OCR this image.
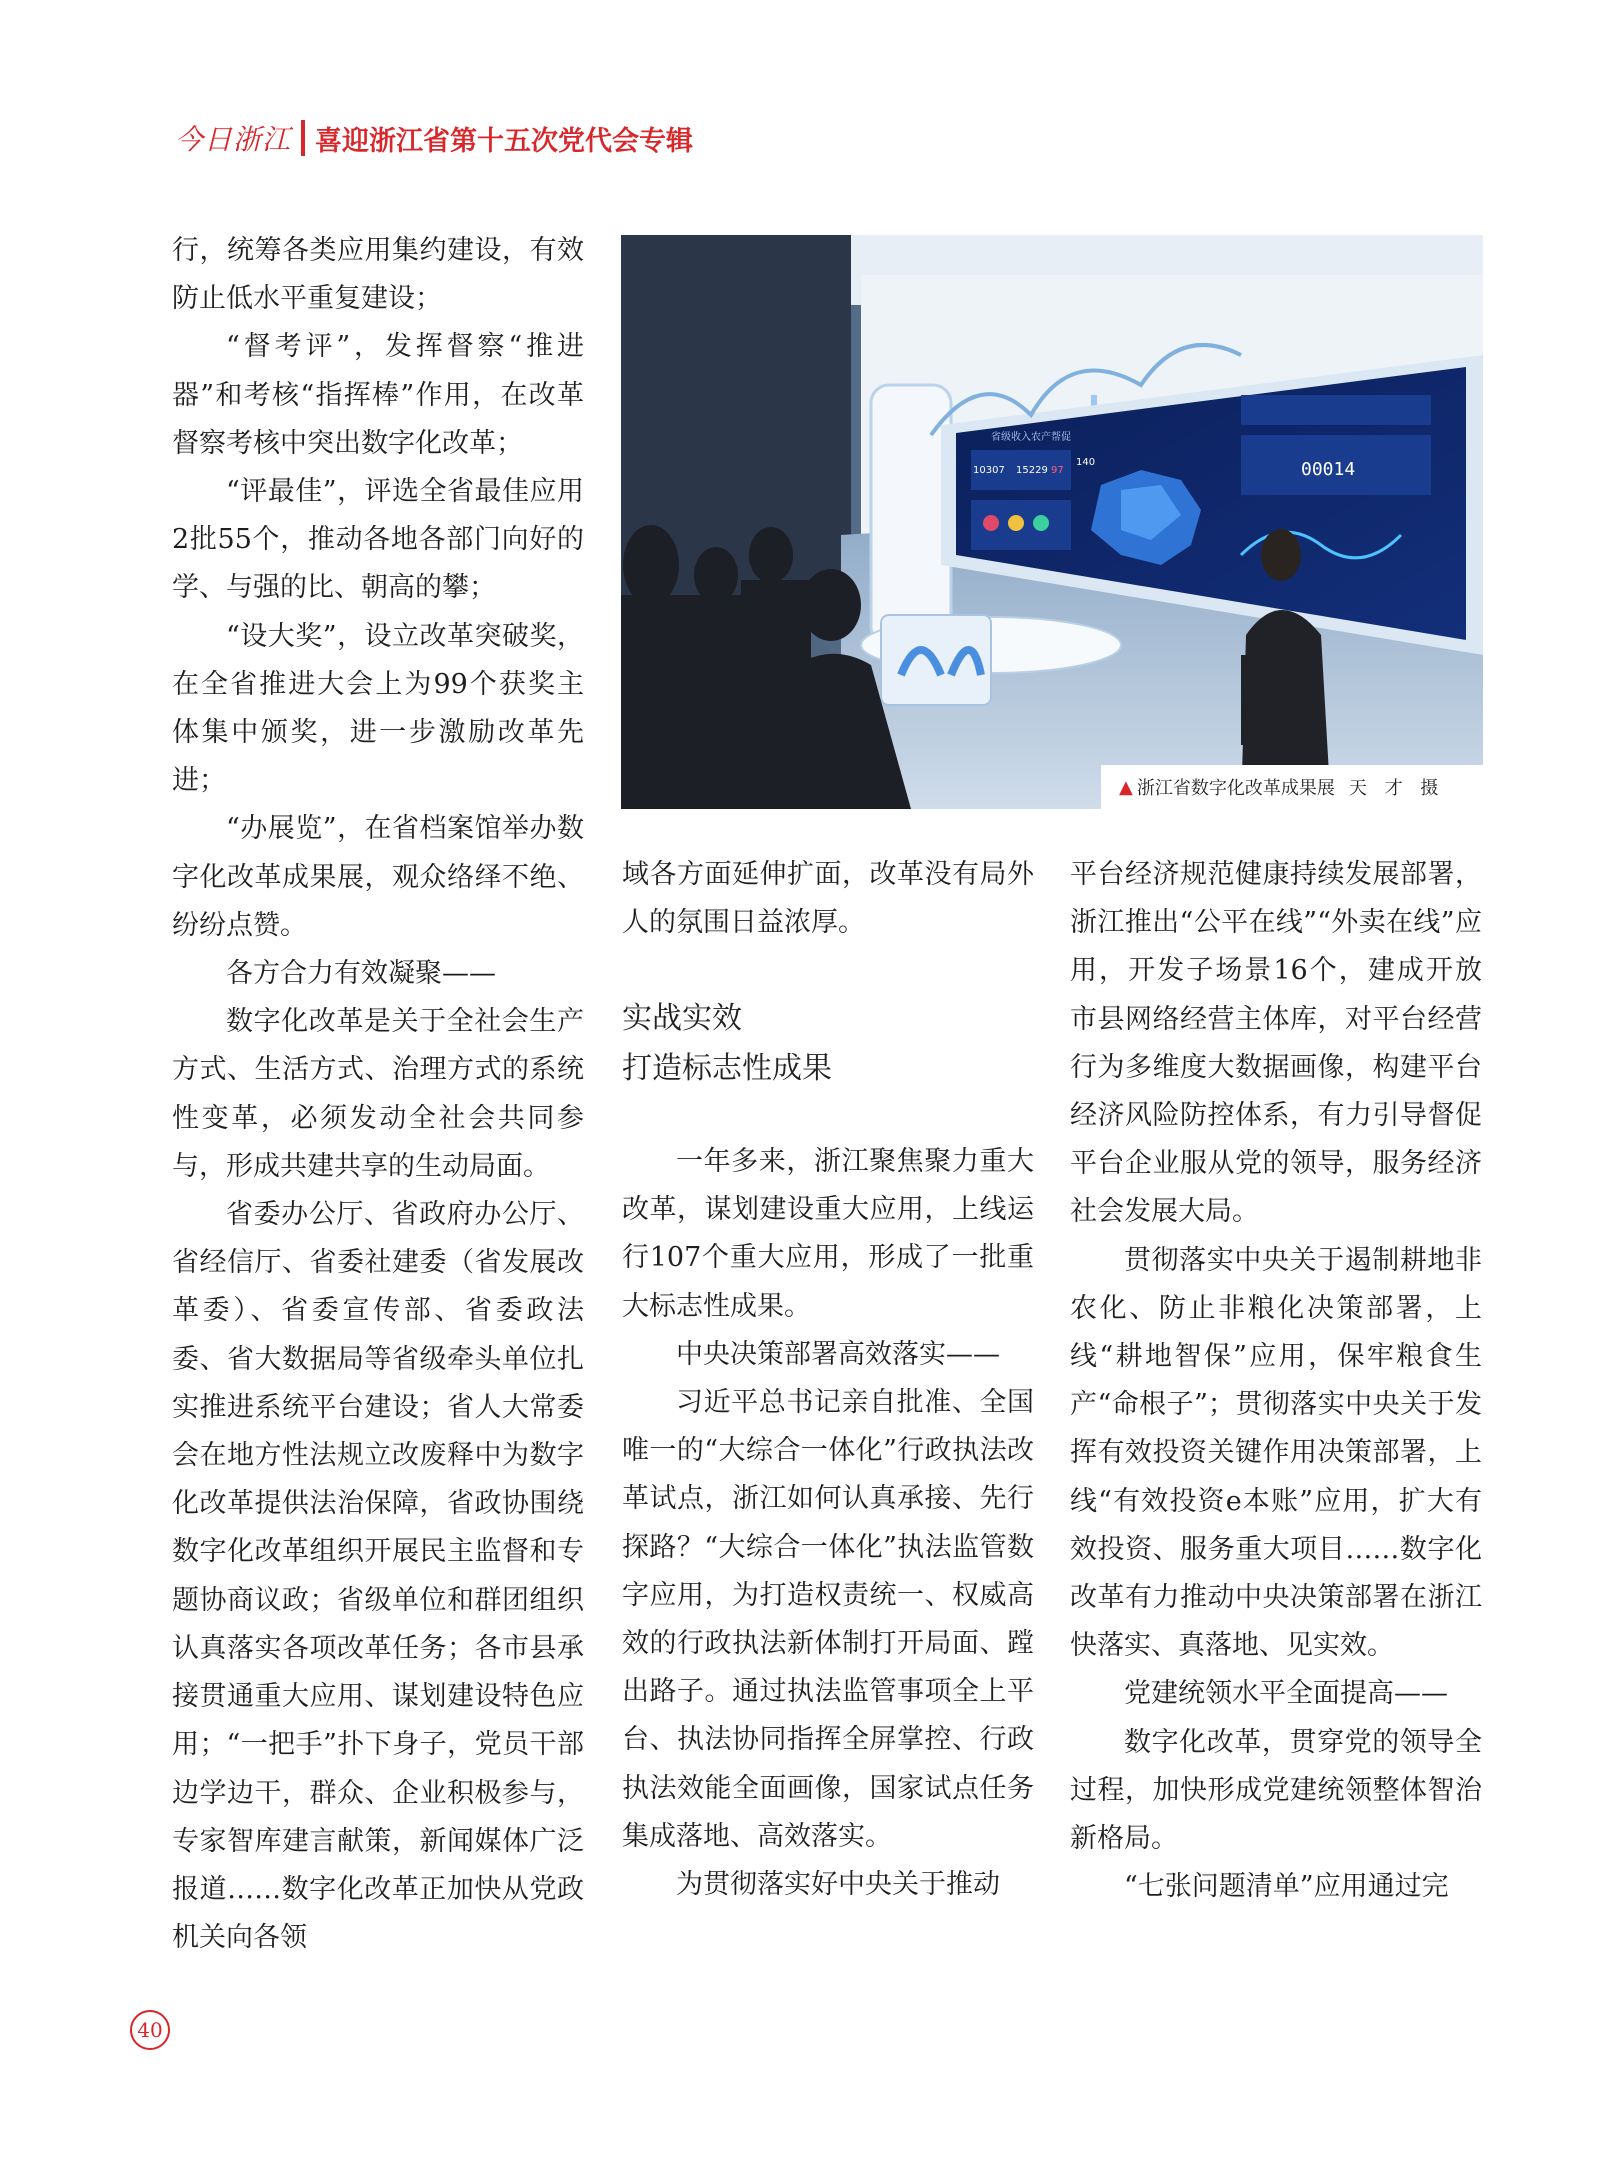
今日浙江 喜迎浙江省第十五次党代会专辑

行，统筹各类应用集约建设，有效防止低水平重复建设；

“督考评”，发挥督察“推进器”和考核“指挥棒”作用，在改革督察考核中突出数字化改革；

“评最佳”，评选全省最佳应用2批55个，推动各地各部门向好的学、与强的比、朝高的攀；

“设大奖”，设立改革突破奖，在全省推进大会上为99个获奖主体集中颁奖，进一步激励改革先进；

“办展览”，在省档案馆举办数字化改革成果展，观众络绎不绝、纷纷点赞。

各方合力有效凝聚——

数字化改革是关于全社会生产方式、生活方式、治理方式的系统性变革，必须发动全社会共同参与，形成共建共享的生动局面。

省委办公厅、省政府办公厅、省经信厅、省委社建委（省发展改革委）、省委宣传部、省委政法委、省大数据局等省级牵头单位扎实推进系统平台建设；省人大常委会在地方性法规立改废释中为数字化改革提供法治保障，省政协围绕数字化改革组织开展民主监督和专题协商议政；省级单位和群团组织认真落实各项改革任务；各市县承接贯通重大应用、谋划建设特色应用；“一把手”扑下身子，党员干部边学边干，群众、企业积极参与，专家智库建言献策，新闻媒体广泛报道……数字化改革正加快从党政机关向各领

00014
省级收入农产帮促
10307 15229 97
140
▲ 浙江省数字化改革成果展 天 才 摄

域各方面延伸扩面，改革没有局外人的氛围日益浓厚。

实战实效
打造标志性成果

一年多来，浙江聚焦聚力重大改革，谋划建设重大应用，上线运行107个重大应用，形成了一批重大标志性成果。

中央决策部署高效落实——

习近平总书记亲自批准、全国唯一的“大综合一体化”行政执法改革试点，浙江如何认真承接、先行探路？“大综合一体化”执法监管数字应用，为打造权责统一、权威高效的行政执法新体制打开局面、蹚出路子。通过执法监管事项全上平台、执法协同指挥全屏掌控、行政执法效能全面画像，国家试点任务集成落地、高效落实。

为贯彻落实好中央关于推动

平台经济规范健康持续发展部署，浙江推出“公平在线”“外卖在线”应用，开发子场景16个，建成开放市县网络经营主体库，对平台经营行为多维度大数据画像，构建平台经济风险防控体系，有力引导督促平台企业服从党的领导，服务经济社会发展大局。

贯彻落实中央关于遏制耕地非农化、防止非粮化决策部署，上线“耕地智保”应用，保牢粮食生产“命根子”；贯彻落实中央关于发挥有效投资关键作用决策部署，上线“有效投资e本账”应用，扩大有效投资、服务重大项目……数字化改革有力推动中央决策部署在浙江快落实、真落地、见实效。

党建统领水平全面提高——

数字化改革，贯穿党的领导全过程，加快形成党建统领整体智治新格局。

“七张问题清单”应用通过完

40
